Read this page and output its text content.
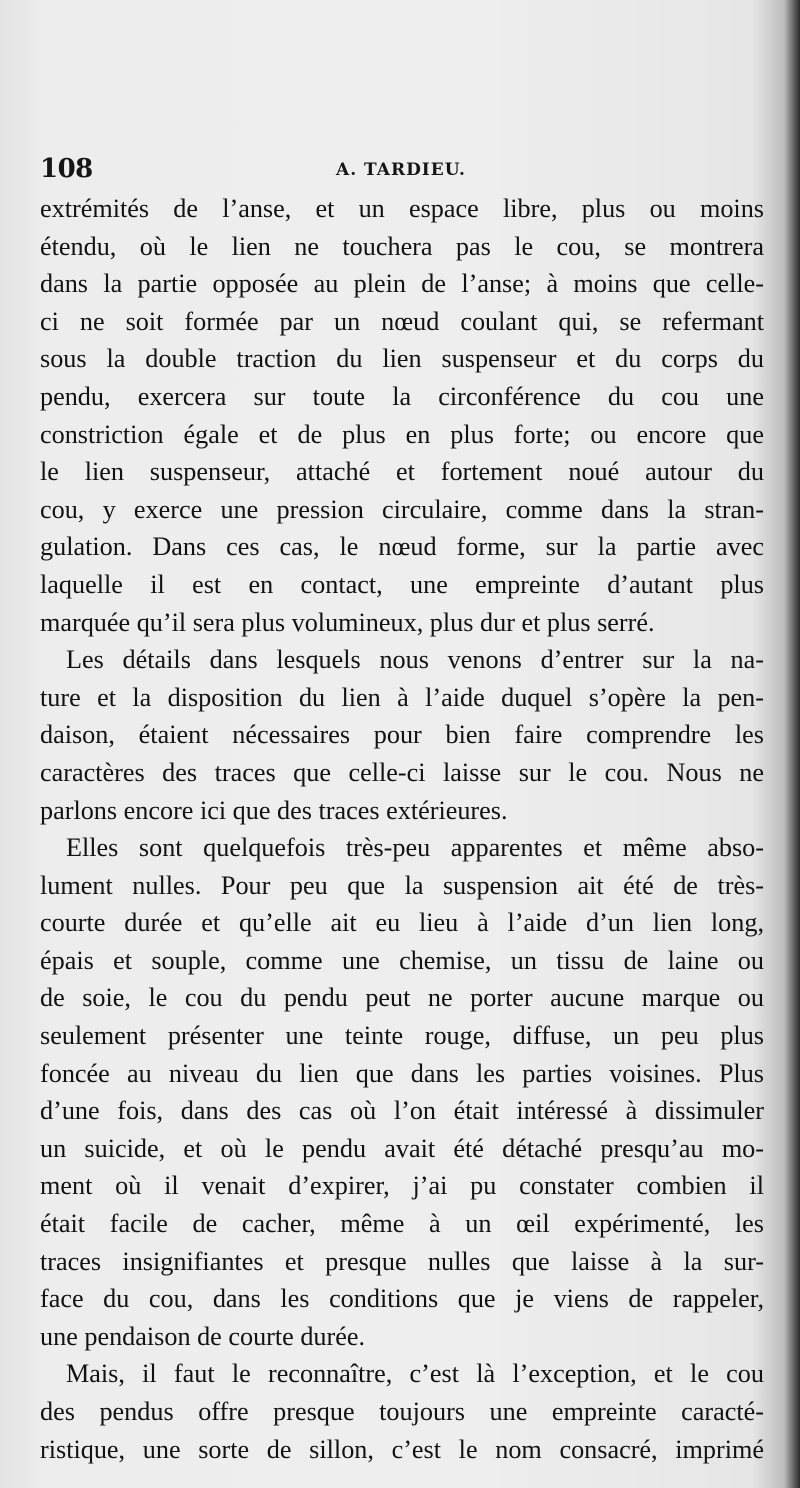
108	A. TARDIEU.
extrémités de l’anse, et un espace libre, plus ou moins
étendu, où le lien ne touchera pas le cou, se montrera
dans la partie opposée au plein de l’anse; à moins que celle-
ci ne soit formée par un nœud coulant qui, se refermant
sous la double traction du lien suspenseur et du corps du
pendu, exercera sur toute la circonférence du cou une
constriction égale et de plus en plus forte; ou encore que
le lien suspenseur, attaché et fortement noué autour du
cou, y exerce une pression circulaire, comme dans la stran-
gulation. Dans ces cas, le nœud forme, sur la partie avec
laquelle il est en contact, une empreinte d’autant plus
marquée qu’il sera plus volumineux, plus dur et plus serré.
Les détails dans lesquels nous venons d’entrer sur la na-
ture et la disposition du lien à l’aide duquel s’opère la pen-
daison, étaient nécessaires pour bien faire comprendre les
caractères des traces que celle-ci laisse sur le cou. Nous ne
parlons encore ici que des traces extérieures.
Elles sont quelquefois très-peu apparentes et même abso-
lument nulles. Pour peu que la suspension ait été de très-
courte durée et qu’elle ait eu lieu à l’aide d’un lien long,
épais et souple, comme une chemise, un tissu de laine ou
de soie, le cou du pendu peut ne porter aucune marque ou
seulement présenter une teinte rouge, diffuse, un peu plus
foncée au niveau du lien que dans les parties voisines. Plus
d’une fois, dans des cas où l’on était intéressé à dissimuler
un suicide, et où le pendu avait été détaché presqu’au mo-
ment où il venait d’expirer, j’ai pu constater combien il
était facile de cacher, même à un œil expérimenté, les
traces insignifiantes et presque nulles que laisse à la sur-
face du cou, dans les conditions que je viens de rappeler,
une pendaison de courte durée.
Mais, il faut le reconnaître, c’est là l’exception, et le cou
des pendus offre presque toujours une empreinte caracté-
ristique, une sorte de sillon, c’est le nom consacré, imprimé
